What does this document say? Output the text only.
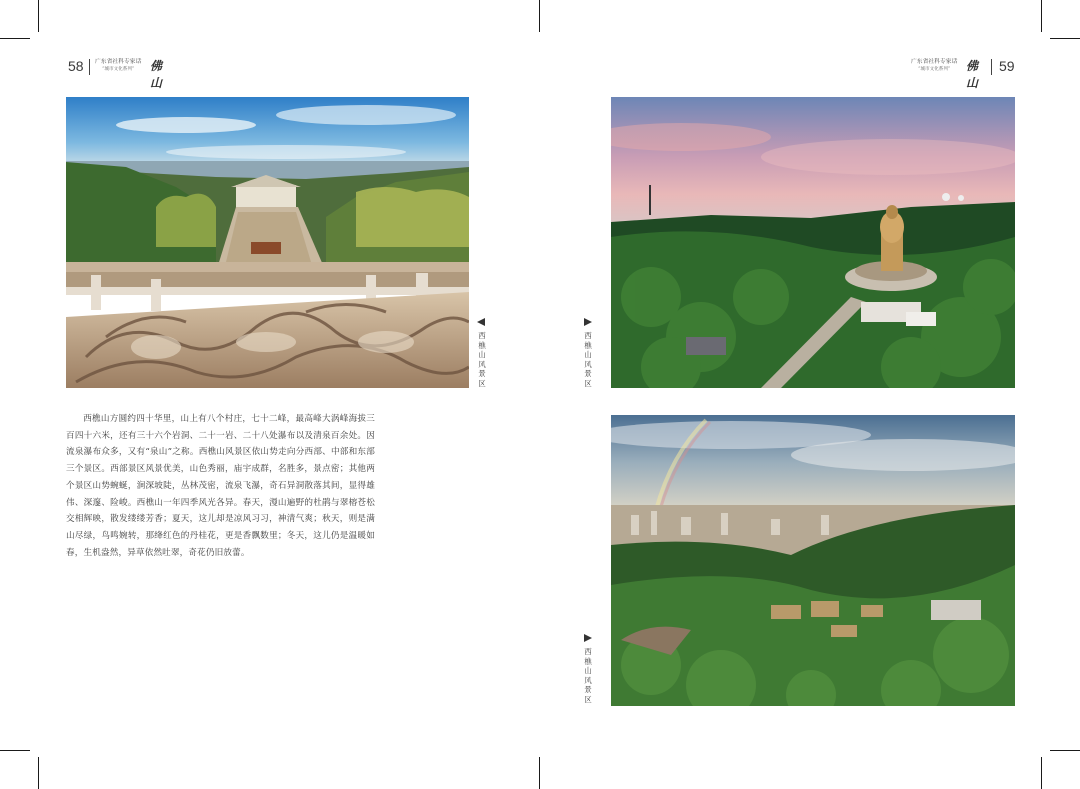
58 广东省社科专家话
“城市文化系列”	佛山
广东省社科专家话
“城市文化系列”	佛山
59
西樵山风景区
西樵山风景区
西樵山风景区
西樵山方圆约四十华里，山上有八个村庄，七十二峰，最高峰大涡峰海拔三百四十六米，还有三十六个岩洞、二十一岩、二十八处瀑布以及清泉百余处。因流泉瀑布众多，又有“泉山”之称。西樵山风景区依山势走向分西部、中部和东部三个景区。西部景区风景优美，山色秀丽，庙宇成群，名胜多，景点密；其他两个景区山势蜿蜒，涧深坡陡，丛林茂密，流泉飞瀑，奇石异洞散落其间，显得雄伟、深邃、险峻。西樵山一年四季风光各异。春天，漫山遍野的杜鹃与翠榕苍松交相辉映，散发缕缕芳香；夏天，这儿却是凉风习习，神清气爽；秋天，则是满山尽绿，鸟鸣婉转，那绛红色的丹桂花，更是香飘数里；冬天，这儿仍是温暖如春，生机盎然，异草依然吐翠，奇花仍旧放蕾。
